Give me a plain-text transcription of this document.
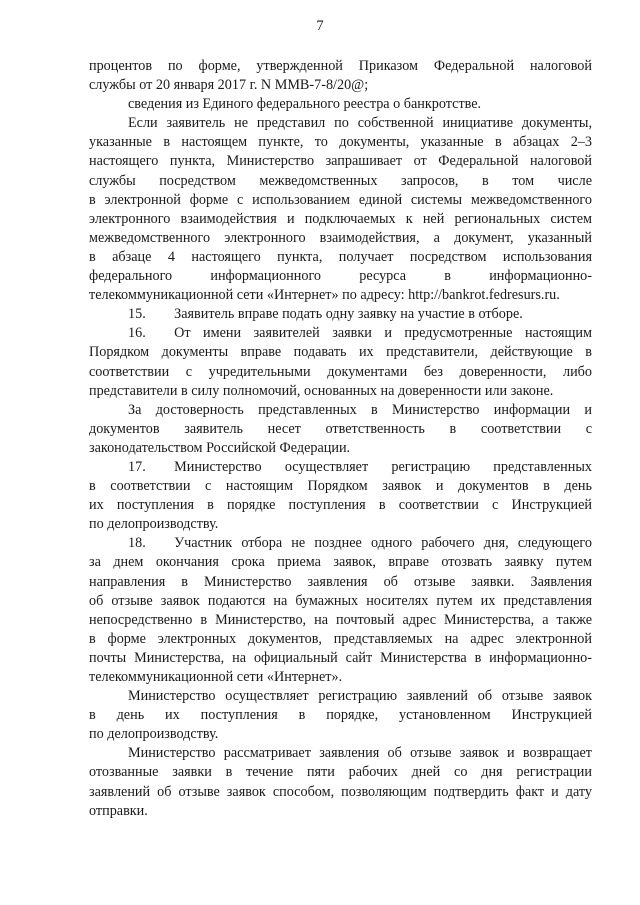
7
процентов по форме, утвержденной Приказом Федеральной налоговой
службы от 20 января 2017 г. N ММВ-7-8/20@;
сведения из Единого федерального реестра о банкротстве.
Если заявитель не представил по собственной инициативе документы,
указанные в настоящем пункте, то документы, указанные в абзацах 2–3
настоящего пункта, Министерство запрашивает от Федеральной налоговой
службы посредством межведомственных запросов, в том числе
в электронной форме с использованием единой системы межведомственного
электронного взаимодействия и подключаемых к ней региональных систем
межведомственного электронного взаимодействия, а документ, указанный
в абзаце 4 настоящего пункта, получает посредством использования
федерального информационного ресурса в информационно-
телекоммуникационной сети «Интернет» по адресу: http://bankrot.fedresurs.ru.
15.  Заявитель вправе подать одну заявку на участие в отборе.
16.  От имени заявителей заявки и предусмотренные настоящим
Порядком документы вправе подавать их представители, действующие в
соответствии с учредительными документами без доверенности, либо
представители в силу полномочий, основанных на доверенности или законе.
За достоверность представленных в Министерство информации и
документов заявитель несет ответственность в соответствии с
законодательством Российской Федерации.
17.  Министерство осуществляет регистрацию представленных
в соответствии с настоящим Порядком заявок и документов в день
их поступления в порядке поступления в соответствии с Инструкцией
по делопроизводству.
18.  Участник отбора не позднее одного рабочего дня, следующего
за днем окончания срока приема заявок, вправе отозвать заявку путем
направления в Министерство заявления об отзыве заявки. Заявления
об отзыве заявок подаются на бумажных носителях путем их представления
непосредственно в Министерство, на почтовый адрес Министерства, а также
в форме электронных документов, представляемых на адрес электронной
почты Министерства, на официальный сайт Министерства в информационно-
телекоммуникационной сети «Интернет».
Министерство осуществляет регистрацию заявлений об отзыве заявок
в день их поступления в порядке, установленном Инструкцией
по делопроизводству.
Министерство рассматривает заявления об отзыве заявок и возвращает
отозванные заявки в течение пяти рабочих дней со дня регистрации
заявлений об отзыве заявок способом, позволяющим подтвердить факт и дату
отправки.
